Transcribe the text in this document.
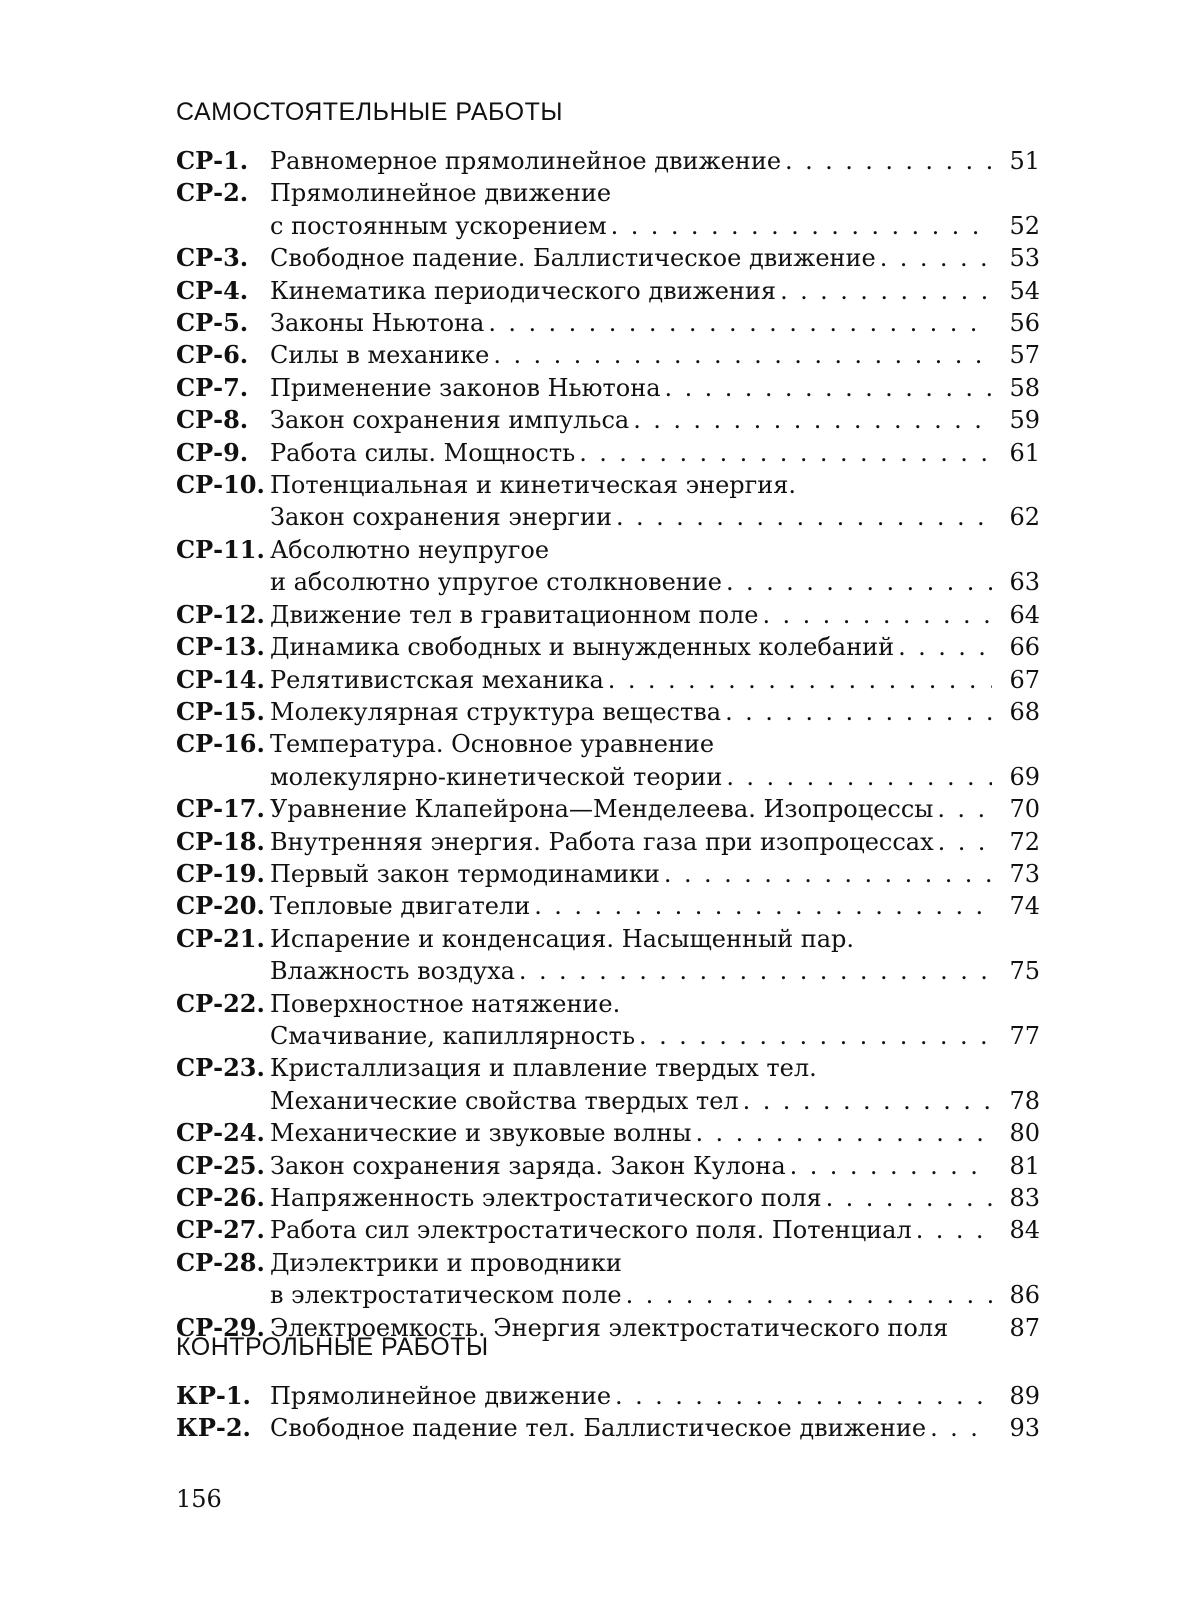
САМОСТОЯТЕЛЬНЫЕ РАБОТЫ
СР-1. Равномерное прямолинейное движение . . .	51
СР-2. Прямолинейное движение
с постоянным ускорением . . .	52
СР-3. Свободное падение. Баллистическое движение . . .	53
СР-4. Кинематика периодического движения . . .	54
СР-5. Законы Ньютона . . .	56
СР-6. Силы в механике . . .	57
СР-7. Применение законов Ньютона . . .	58
СР-8. Закон сохранения импульса . . .	59
СР-9. Работа силы. Мощность . . .	61
СР-10. Потенциальная и кинетическая энергия.
Закон сохранения энергии . . .	62
СР-11. Абсолютно неупругое
и абсолютно упругое столкновение . . .	63
СР-12. Движение тел в гравитационном поле . . .	64
СР-13. Динамика свободных и вынужденных колебаний . . .	66
СР-14. Релятивистская механика . . .	67
СР-15. Молекулярная структура вещества . . .	68
СР-16. Температура. Основное уравнение
молекулярно-кинетической теории . . .	69
СР-17. Уравнение Клапейрона—Менделеева. Изопроцессы . . .	70
СР-18. Внутренняя энергия. Работа газа при изопроцессах . . .	72
СР-19. Первый закон термодинамики . . .	73
СР-20. Тепловые двигатели . . .	74
СР-21. Испарение и конденсация. Насыщенный пар.
Влажность воздуха . . .	75
СР-22. Поверхностное натяжение.
Смачивание, капиллярность . . .	77
СР-23. Кристаллизация и плавление твердых тел.
Механические свойства твердых тел . . .	78
СР-24. Механические и звуковые волны . . .	80
СР-25. Закон сохранения заряда. Закон Кулона . . .	81
СР-26. Напряженность электростатического поля . . .	83
СР-27. Работа сил электростатического поля. Потенциал . . .	84
СР-28. Диэлектрики и проводники
в электростатическом поле . . .	86
СР-29. Электроемкость. Энергия электростатического поля	87
КОНТРОЛЬНЫЕ РАБОТЫ
КР-1. Прямолинейное движение . . .	89
КР-2. Свободное падение тел. Баллистическое движение . . .	93
156
